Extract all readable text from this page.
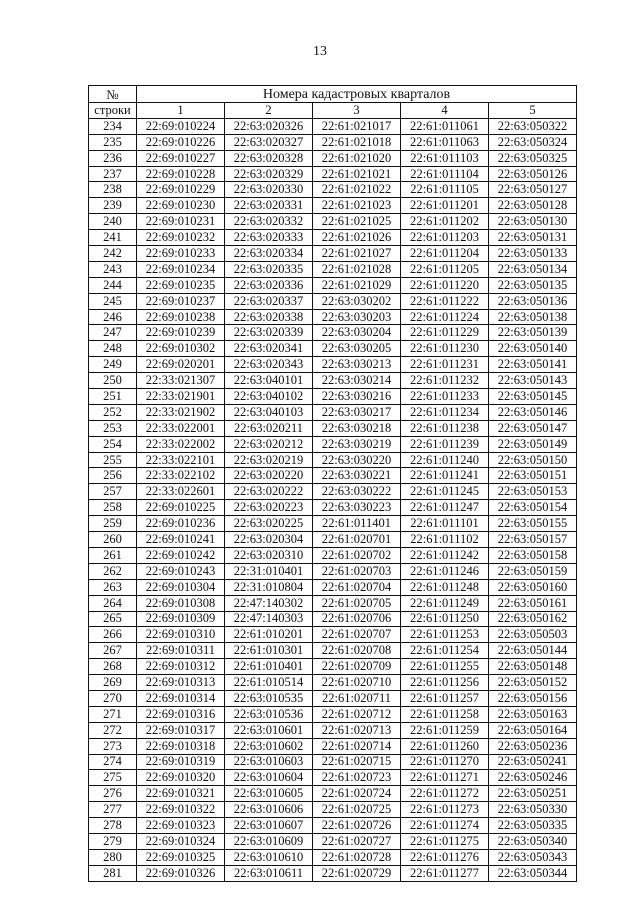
13
№	Номера кадастровых кварталов				
строки	1	2	3	4	5
234	22:69:010224	22:63:020326	22:61:021017	22:61:011061	22:63:050322
235	22:69:010226	22:63:020327	22:61:021018	22:61:011063	22:63:050324
236	22:69:010227	22:63:020328	22:61:021020	22:61:011103	22:63:050325
237	22:69:010228	22:63:020329	22:61:021021	22:61:011104	22:63:050126
238	22:69:010229	22:63:020330	22:61:021022	22:61:011105	22:63:050127
239	22:69:010230	22:63:020331	22:61:021023	22:61:011201	22:63:050128
240	22:69:010231	22:63:020332	22:61:021025	22:61:011202	22:63:050130
241	22:69:010232	22:63:020333	22:61:021026	22:61:011203	22:63:050131
242	22:69:010233	22:63:020334	22:61:021027	22:61:011204	22:63:050133
243	22:69:010234	22:63:020335	22:61:021028	22:61:011205	22:63:050134
244	22:69:010235	22:63:020336	22:61:021029	22:61:011220	22:63:050135
245	22:69:010237	22:63:020337	22:63:030202	22:61:011222	22:63:050136
246	22:69:010238	22:63:020338	22:63:030203	22:61:011224	22:63:050138
247	22:69:010239	22:63:020339	22:63:030204	22:61:011229	22:63:050139
248	22:69:010302	22:63:020341	22:63:030205	22:61:011230	22:63:050140
249	22:69:020201	22:63:020343	22:63:030213	22:61:011231	22:63:050141
250	22:33:021307	22:63:040101	22:63:030214	22:61:011232	22:63:050143
251	22:33:021901	22:63:040102	22:63:030216	22:61:011233	22:63:050145
252	22:33:021902	22:63:040103	22:63:030217	22:61:011234	22:63:050146
253	22:33:022001	22:63:020211	22:63:030218	22:61:011238	22:63:050147
254	22:33:022002	22:63:020212	22:63:030219	22:61:011239	22:63:050149
255	22:33:022101	22:63:020219	22:63:030220	22:61:011240	22:63:050150
256	22:33:022102	22:63:020220	22:63:030221	22:61:011241	22:63:050151
257	22:33:022601	22:63:020222	22:63:030222	22:61:011245	22:63:050153
258	22:69:010225	22:63:020223	22:63:030223	22:61:011247	22:63:050154
259	22:69:010236	22:63:020225	22:61:011401	22:61:011101	22:63:050155
260	22:69:010241	22:63:020304	22:61:020701	22:61:011102	22:63:050157
261	22:69:010242	22:63:020310	22:61:020702	22:61:011242	22:63:050158
262	22:69:010243	22:31:010401	22:61:020703	22:61:011246	22:63:050159
263	22:69:010304	22:31:010804	22:61:020704	22:61:011248	22:63:050160
264	22:69:010308	22:47:140302	22:61:020705	22:61:011249	22:63:050161
265	22:69:010309	22:47:140303	22:61:020706	22:61:011250	22:63:050162
266	22:69:010310	22:61:010201	22:61:020707	22:61:011253	22:63:050503
267	22:69:010311	22:61:010301	22:61:020708	22:61:011254	22:63:050144
268	22:69:010312	22:61:010401	22:61:020709	22:61:011255	22:63:050148
269	22:69:010313	22:61:010514	22:61:020710	22:61:011256	22:63:050152
270	22:69:010314	22:63:010535	22:61:020711	22:61:011257	22:63:050156
271	22:69:010316	22:63:010536	22:61:020712	22:61:011258	22:63:050163
272	22:69:010317	22:63:010601	22:61:020713	22:61:011259	22:63:050164
273	22:69:010318	22:63:010602	22:61:020714	22:61:011260	22:63:050236
274	22:69:010319	22:63:010603	22:61:020715	22:61:011270	22:63:050241
275	22:69:010320	22:63:010604	22:61:020723	22:61:011271	22:63:050246
276	22:69:010321	22:63:010605	22:61:020724	22:61:011272	22:63:050251
277	22:69:010322	22:63:010606	22:61:020725	22:61:011273	22:63:050330
278	22:69:010323	22:63:010607	22:61:020726	22:61:011274	22:63:050335
279	22:69:010324	22:63:010609	22:61:020727	22:61:011275	22:63:050340
280	22:69:010325	22:63:010610	22:61:020728	22:61:011276	22:63:050343
281	22:69:010326	22:63:010611	22:61:020729	22:61:011277	22:63:050344
